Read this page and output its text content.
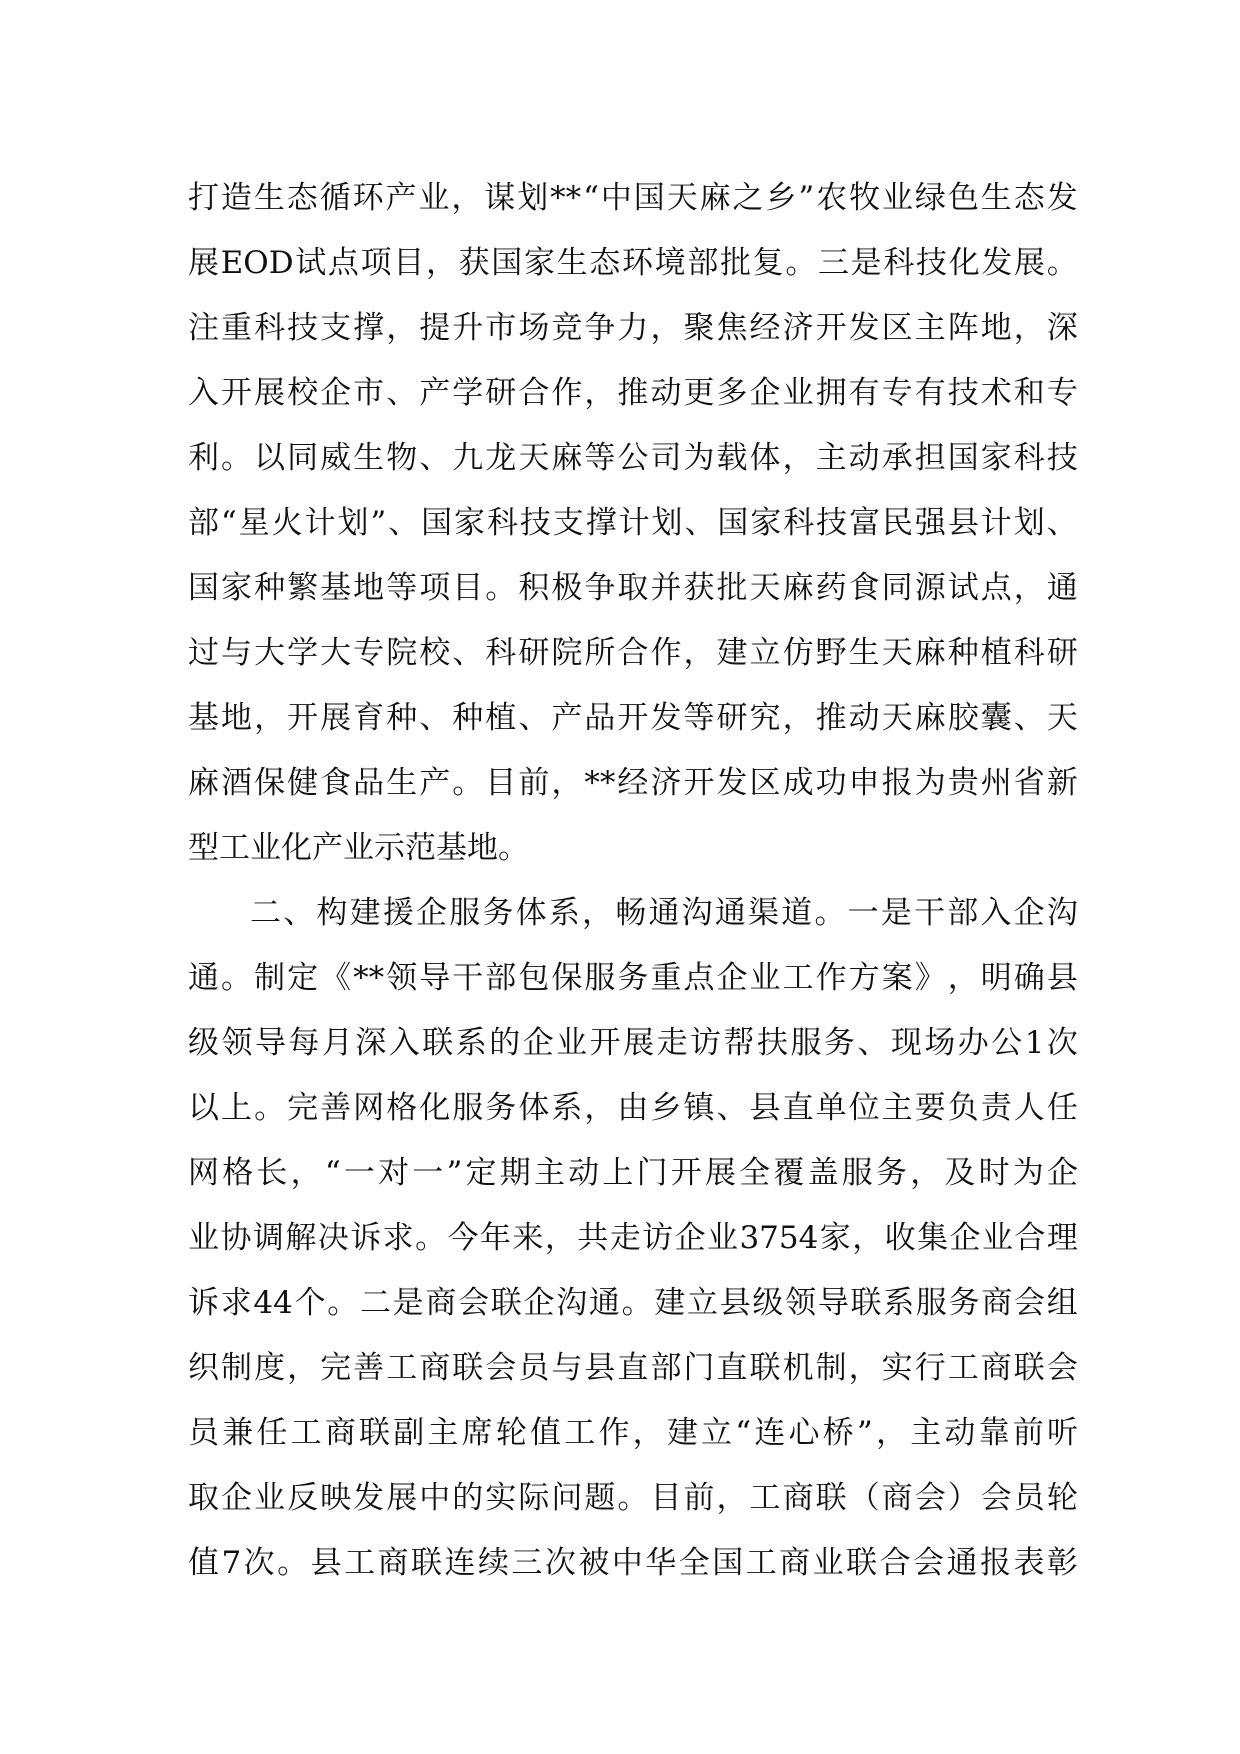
打 造 生 态 循 环 产 业 ， 谋 划 ** “ 中 国 天 麻 之 乡 ” 农 牧 业 绿 色 生 态 发
展 EOD 试 点 项 目 ， 获 国 家 生 态 环 境 部 批 复 。 三 是 科 技 化 发 展 。
注 重 科 技 支 撑 ， 提 升 市 场 竞 争 力 ， 聚 焦 经 济 开 发 区 主 阵 地 ， 深
入 开 展 校 企 市 、 产 学 研 合 作 ， 推 动 更 多 企 业 拥 有 专 有 技 术 和 专
利 。 以 同 威 生 物 、 九 龙 天 麻 等 公 司 为 载 体 ， 主 动 承 担 国 家 科 技
部 “ 星 火 计 划 ” 、 国 家 科 技 支 撑 计 划 、 国 家 科 技 富 民 强 县 计 划 、
国 家 种 繁 基 地 等 项 目 。 积 极 争 取 并 获 批 天 麻 药 食 同 源 试 点 ， 通
过 与 大 学 大 专 院 校 、 科 研 院 所 合 作 ， 建 立 仿 野 生 天 麻 种 植 科 研
基 地 ， 开 展 育 种 、 种 植 、 产 品 开 发 等 研 究 ， 推 动 天 麻 胶 囊 、 天
麻 酒 保 健 食 品 生 产 。 目 前 ， ** 经 济 开 发 区 成 功 申 报 为 贵 州 省 新
型工业化产业示范基地。
二 、 构 建 援 企 服 务 体 系 ， 畅 通 沟 通 渠 道 。 一 是 干 部 入 企 沟
通 。 制 定 《 ** 领 导 干 部 包 保 服 务 重 点 企 业 工 作 方 案 》 ， 明 确 县
级 领 导 每 月 深 入 联 系 的 企 业 开 展 走 访 帮 扶 服 务 、 现 场 办 公 1 次
以 上 。 完 善 网 格 化 服 务 体 系 ， 由 乡 镇 、 县 直 单 位 主 要 负 责 人 任
网 格 长 ， “ 一 对 一 ” 定 期 主 动 上 门 开 展 全 覆 盖 服 务 ， 及 时 为 企
业 协 调 解 决 诉 求 。 今 年 来 ， 共 走 访 企 业 3754 家 ， 收 集 企 业 合 理
诉 求 44 个 。 二 是 商 会 联 企 沟 通 。 建 立 县 级 领 导 联 系 服 务 商 会 组
织 制 度 ， 完 善 工 商 联 会 员 与 县 直 部 门 直 联 机 制 ， 实 行 工 商 联 会
员 兼 任 工 商 联 副 主 席 轮 值 工 作 ， 建 立 “ 连 心 桥 ” ， 主 动 靠 前 听
取 企 业 反 映 发 展 中 的 实 际 问 题 。 目 前 ， 工 商 联 （ 商 会 ） 会 员 轮
值 7 次 。 县 工 商 联 连 续 三 次 被 中 华 全 国 工 商 业 联 合 会 通 报 表 彰
